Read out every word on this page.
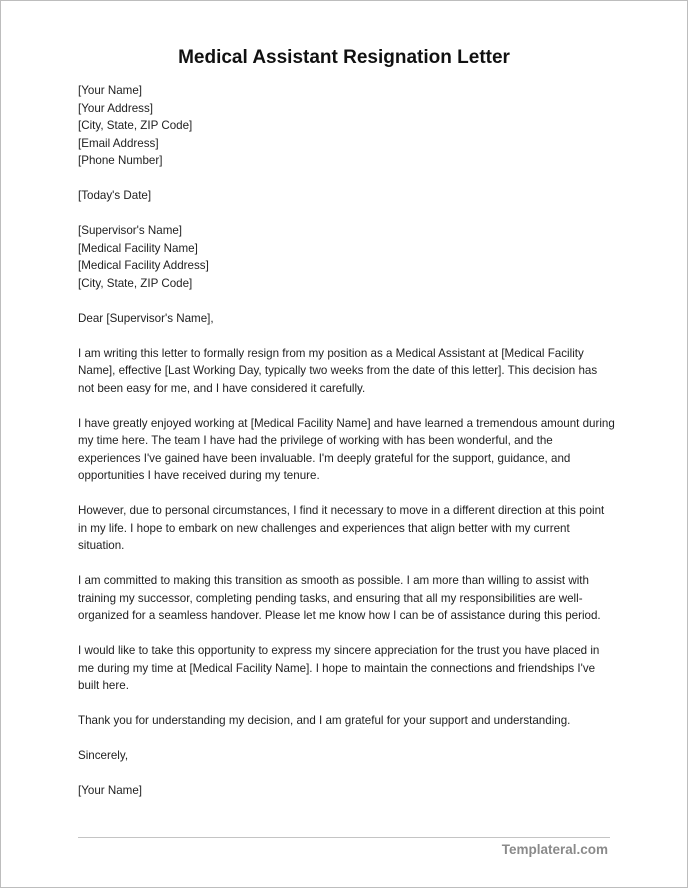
Medical Assistant Resignation Letter
[Your Name]
[Your Address]
[City, State, ZIP Code]
[Email Address]
[Phone Number]
[Today's Date]
[Supervisor's Name]
[Medical Facility Name]
[Medical Facility Address]
[City, State, ZIP Code]

Dear [Supervisor's Name],

I am writing this letter to formally resign from my position as a Medical Assistant at [Medical Facility Name], effective [Last Working Day, typically two weeks from the date of this letter]. This decision has not been easy for me, and I have considered it carefully.

I have greatly enjoyed working at [Medical Facility Name] and have learned a tremendous amount during my time here. The team I have had the privilege of working with has been wonderful, and the experiences I've gained have been invaluable. I'm deeply grateful for the support, guidance, and opportunities I have received during my tenure.

However, due to personal circumstances, I find it necessary to move in a different direction at this point in my life. I hope to embark on new challenges and experiences that align better with my current situation.

I am committed to making this transition as smooth as possible. I am more than willing to assist with training my successor, completing pending tasks, and ensuring that all my responsibilities are well-organized for a seamless handover. Please let me know how I can be of assistance during this period.

I would like to take this opportunity to express my sincere appreciation for the trust you have placed in me during my time at [Medical Facility Name]. I hope to maintain the connections and friendships I've built here.

Thank you for understanding my decision, and I am grateful for your support and understanding.

Sincerely,

[Your Name]

Templateral.com
